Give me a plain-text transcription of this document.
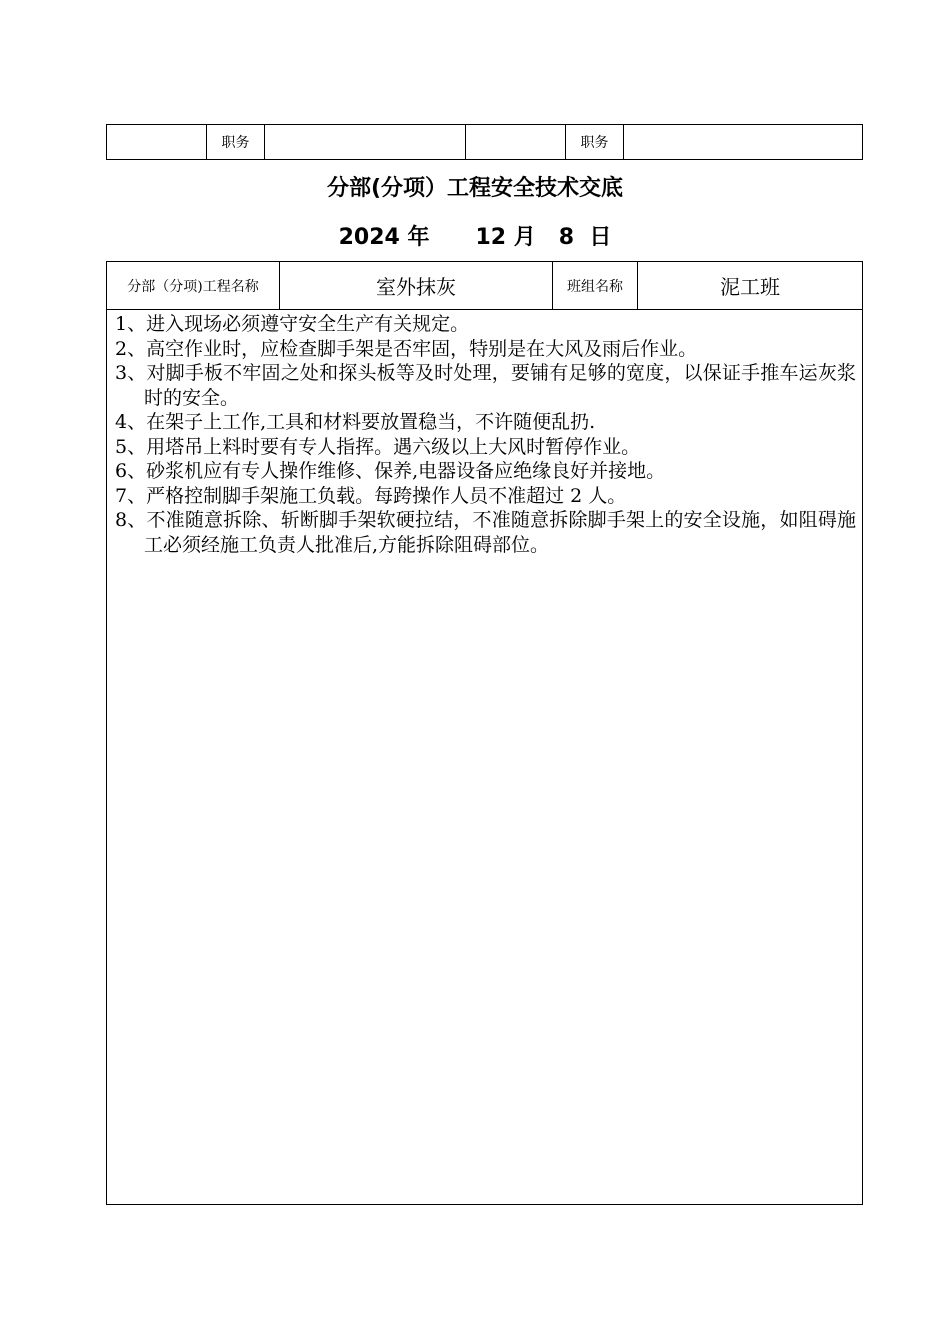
	职务			职务	
分部(分项）工程安全技术交底
2024 年 12 月 8 日
分部（分项)工程名称	室外抹灰	班组名称	泥工班

1、进入现场必须遵守安全生产有关规定。
2、高空作业时，应检查脚手架是否牢固，特别是在大风及雨后作业。
3、对脚手板不牢固之处和探头板等及时处理，要铺有足够的宽度，以保证手推车运灰浆时的安全。
4、在架子上工作,工具和材料要放置稳当，不许随便乱扔.
5、用塔吊上料时要有专人指挥。遇六级以上大风时暂停作业。
6、砂浆机应有专人操作维修、保养,电器设备应绝缘良好并接地。
7、严格控制脚手架施工负载。每跨操作人员不准超过 2 人。
8、不准随意拆除、斩断脚手架软硬拉结，不准随意拆除脚手架上的安全设施，如阻碍施工必须经施工负责人批准后,方能拆除阻碍部位。
